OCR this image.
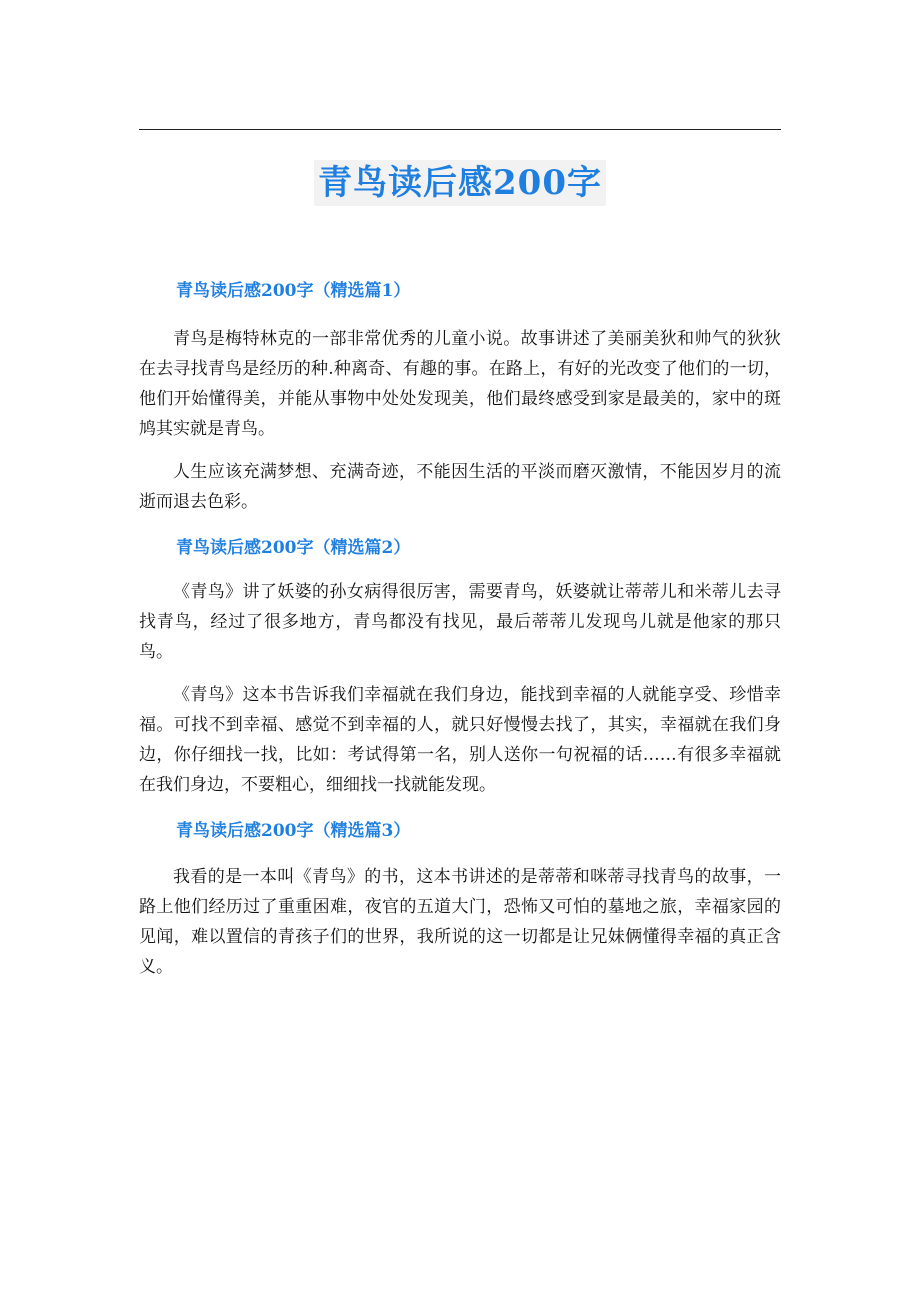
青鸟读后感200字
青鸟读后感200字（精选篇1）

青鸟是梅特林克的一部非常优秀的儿童小说。故事讲述了美丽美狄和帅气的狄狄在去寻找青鸟是经历的种.种离奇、有趣的事。在路上，有好的光改变了他们的一切，他们开始懂得美，并能从事物中处处发现美，他们最终感受到家是最美的，家中的斑鸠其实就是青鸟。

人生应该充满梦想、充满奇迹，不能因生活的平淡而磨灭激情，不能因岁月的流逝而退去色彩。

青鸟读后感200字（精选篇2）

《青鸟》讲了妖婆的孙女病得很厉害，需要青鸟，妖婆就让蒂蒂儿和米蒂儿去寻找青鸟，经过了很多地方，青鸟都没有找见，最后蒂蒂儿发现鸟儿就是他家的那只鸟。

《青鸟》这本书告诉我们幸福就在我们身边，能找到幸福的人就能享受、珍惜幸福。可找不到幸福、感觉不到幸福的人，就只好慢慢去找了，其实，幸福就在我们身边，你仔细找一找，比如：考试得第一名，别人送你一句祝福的话……有很多幸福就在我们身边，不要粗心，细细找一找就能发现。

青鸟读后感200字（精选篇3）

我看的是一本叫《青鸟》的书，这本书讲述的是蒂蒂和咪蒂寻找青鸟的故事，一路上他们经历过了重重困难，夜官的五道大门，恐怖又可怕的墓地之旅，幸福家园的见闻，难以置信的青孩子们的世界，我所说的这一切都是让兄妹俩懂得幸福的真正含义。
